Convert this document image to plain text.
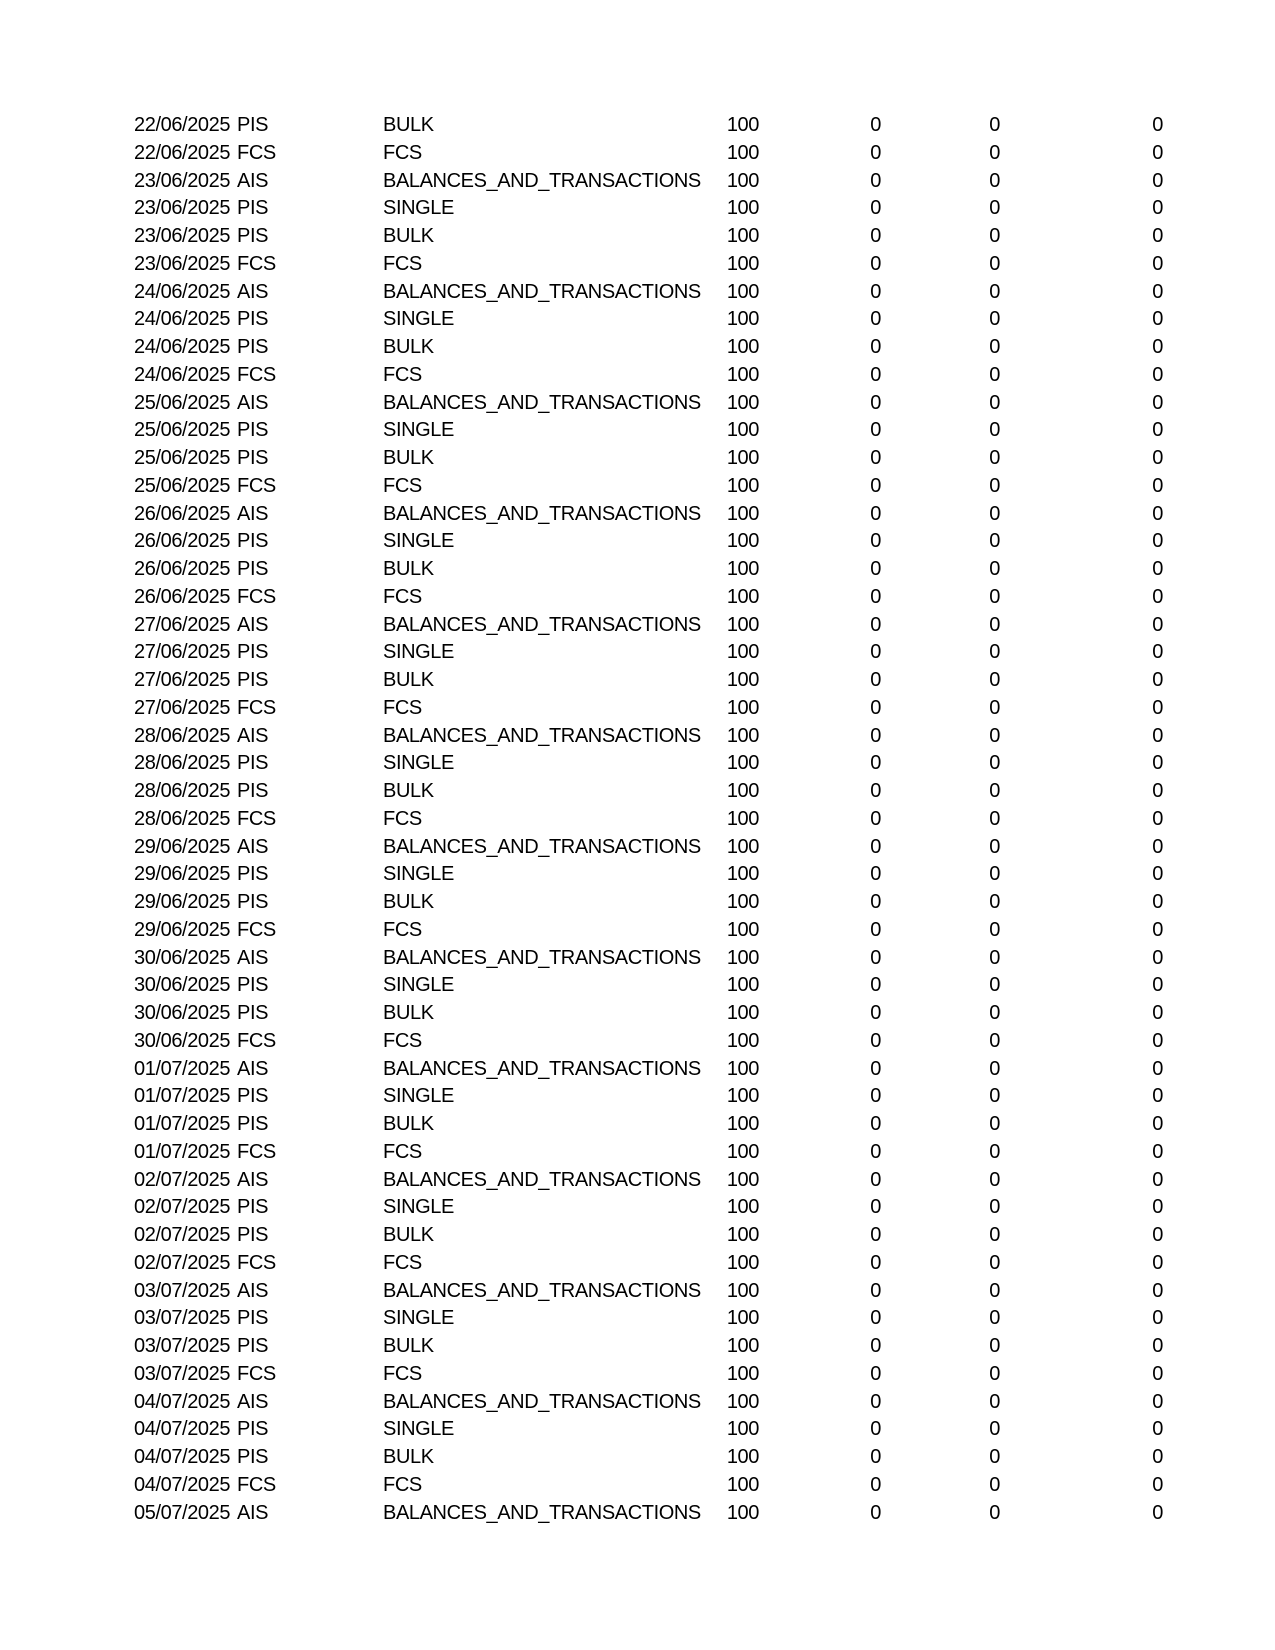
22/06/2025 PIS	BULK	100	0	0	0
22/06/2025 FCS	FCS	100	0	0	0
23/06/2025 AIS	BALANCES_AND_TRANSACTIONS	100	0	0	0
23/06/2025 PIS	SINGLE	100	0	0	0
23/06/2025 PIS	BULK	100	0	0	0
23/06/2025 FCS	FCS	100	0	0	0
24/06/2025 AIS	BALANCES_AND_TRANSACTIONS	100	0	0	0
24/06/2025 PIS	SINGLE	100	0	0	0
24/06/2025 PIS	BULK	100	0	0	0
24/06/2025 FCS	FCS	100	0	0	0
25/06/2025 AIS	BALANCES_AND_TRANSACTIONS	100	0	0	0
25/06/2025 PIS	SINGLE	100	0	0	0
25/06/2025 PIS	BULK	100	0	0	0
25/06/2025 FCS	FCS	100	0	0	0
26/06/2025 AIS	BALANCES_AND_TRANSACTIONS	100	0	0	0
26/06/2025 PIS	SINGLE	100	0	0	0
26/06/2025 PIS	BULK	100	0	0	0
26/06/2025 FCS	FCS	100	0	0	0
27/06/2025 AIS	BALANCES_AND_TRANSACTIONS	100	0	0	0
27/06/2025 PIS	SINGLE	100	0	0	0
27/06/2025 PIS	BULK	100	0	0	0
27/06/2025 FCS	FCS	100	0	0	0
28/06/2025 AIS	BALANCES_AND_TRANSACTIONS	100	0	0	0
28/06/2025 PIS	SINGLE	100	0	0	0
28/06/2025 PIS	BULK	100	0	0	0
28/06/2025 FCS	FCS	100	0	0	0
29/06/2025 AIS	BALANCES_AND_TRANSACTIONS	100	0	0	0
29/06/2025 PIS	SINGLE	100	0	0	0
29/06/2025 PIS	BULK	100	0	0	0
29/06/2025 FCS	FCS	100	0	0	0
30/06/2025 AIS	BALANCES_AND_TRANSACTIONS	100	0	0	0
30/06/2025 PIS	SINGLE	100	0	0	0
30/06/2025 PIS	BULK	100	0	0	0
30/06/2025 FCS	FCS	100	0	0	0
01/07/2025 AIS	BALANCES_AND_TRANSACTIONS	100	0	0	0
01/07/2025 PIS	SINGLE	100	0	0	0
01/07/2025 PIS	BULK	100	0	0	0
01/07/2025 FCS	FCS	100	0	0	0
02/07/2025 AIS	BALANCES_AND_TRANSACTIONS	100	0	0	0
02/07/2025 PIS	SINGLE	100	0	0	0
02/07/2025 PIS	BULK	100	0	0	0
02/07/2025 FCS	FCS	100	0	0	0
03/07/2025 AIS	BALANCES_AND_TRANSACTIONS	100	0	0	0
03/07/2025 PIS	SINGLE	100	0	0	0
03/07/2025 PIS	BULK	100	0	0	0
03/07/2025 FCS	FCS	100	0	0	0
04/07/2025 AIS	BALANCES_AND_TRANSACTIONS	100	0	0	0
04/07/2025 PIS	SINGLE	100	0	0	0
04/07/2025 PIS	BULK	100	0	0	0
04/07/2025 FCS	FCS	100	0	0	0
05/07/2025 AIS	BALANCES_AND_TRANSACTIONS	100	0	0	0
